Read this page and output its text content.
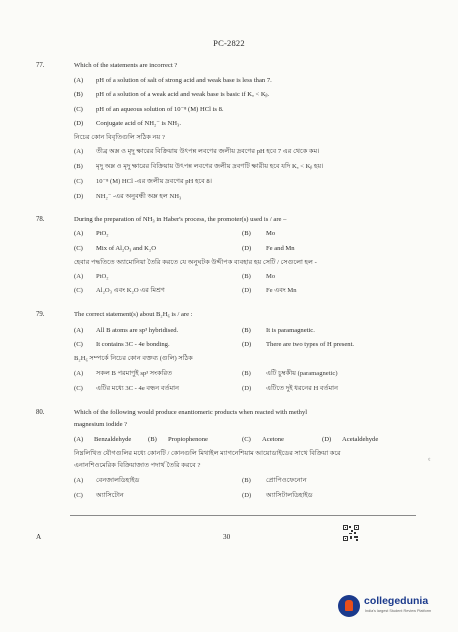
PC-2822
77.	Which of the statements are incorrect ?
(A) pH of a solution of salt of strong acid and weak base is less than 7.
(B) pH of a solution of a weak acid and weak base is basic if Kₐ < Kᵦ.
(C) pH of an aqueous solution of 10⁻⁸ (M) HCl is 8.
(D) Conjugate acid of NH₂⁻ is NH₃.
নিচের কোন বিবৃতিগুলি সঠিক নয় ?
(A) তীব্র অম্ল ও মৃদু ক্ষারের বিক্রিয়ায় উৎপন্ন লবণের জলীয় দ্রবণের pH হবে 7 এর থেকে কম।
(B) মৃদু অম্ল ও মৃদু ক্ষারের বিক্রিয়ায় উৎপন্ন লবণের জলীয় দ্রবণটি ক্ষারীয় হবে যদি Kₐ < Kᵦ হয়।
(C) 10⁻⁸ (M) HCl -এর জলীয় দ্রবণের pH হবে 8।
(D) NH₂⁻ -এর অনুবন্ধী অম্ল হল NH₃
78.	During the preparation of NH₃ in Haber's process, the promoter(s) used is / are –
(A) PtO₂	(B) Mo
(C) Mix of Al₂O₃ and K₂O	(D) Fe and Mn
হেবার পদ্ধতিতে অ্যামোনিয়া তৈরি করতে যে অনুঘটক উদ্দীপক ব্যবহার হয় সেটি / সেগুলো হল -
(A) PtO₂	(B) Mo
(C) Al₂O₃ এবং K₂O এর মিশ্রণ	(D) Fe এবং Mn
79.	The correct statement(s) about B₂H₆ is / are :
(A) All B atoms are sp³ hybridised.	(B) It is paramagnetic.
(C) It contains 3C - 4e bonding.	(D) There are two types of H present.
B₂H₆ সম্পর্কে নিচের কোন বক্তব্য (গুলি) সঠিক
(A) সকল B পরমাণুই sp³ সংকরিত	(B) এটি চুম্বকীয় (paramagnetic)
(C) এটির মধ্যে 3C - 4e বন্ধন বর্তমান	(D) এটিতে দুই ধরনের H বর্তমান
80.	Which of the following would produce enantiomeric products when reacted with methyl
magnesium iodide ?
(A) Benzaldehyde	(B) Propiophenone	(C) Acetone	(D) Acetaldehyde
নিম্নলিখিত যৌগগুলির মধ্যে কোনটি / কোনগুলি মিথাইল ম্যাগনেশিয়াম আয়োডাইডের সাথে বিক্রিয়া করে
এনানশিওমেরিক বিক্রিয়াজাত পদার্থ তৈরি করবে ?
(A) বেনজালডিহাইড	(B) প্রোপিওফেনোন
(C) অ্যাসিটোন	(D) অ্যাসিটালডিহাইড
¢
A	30
collegedunia
India's largest Student Review Platform
